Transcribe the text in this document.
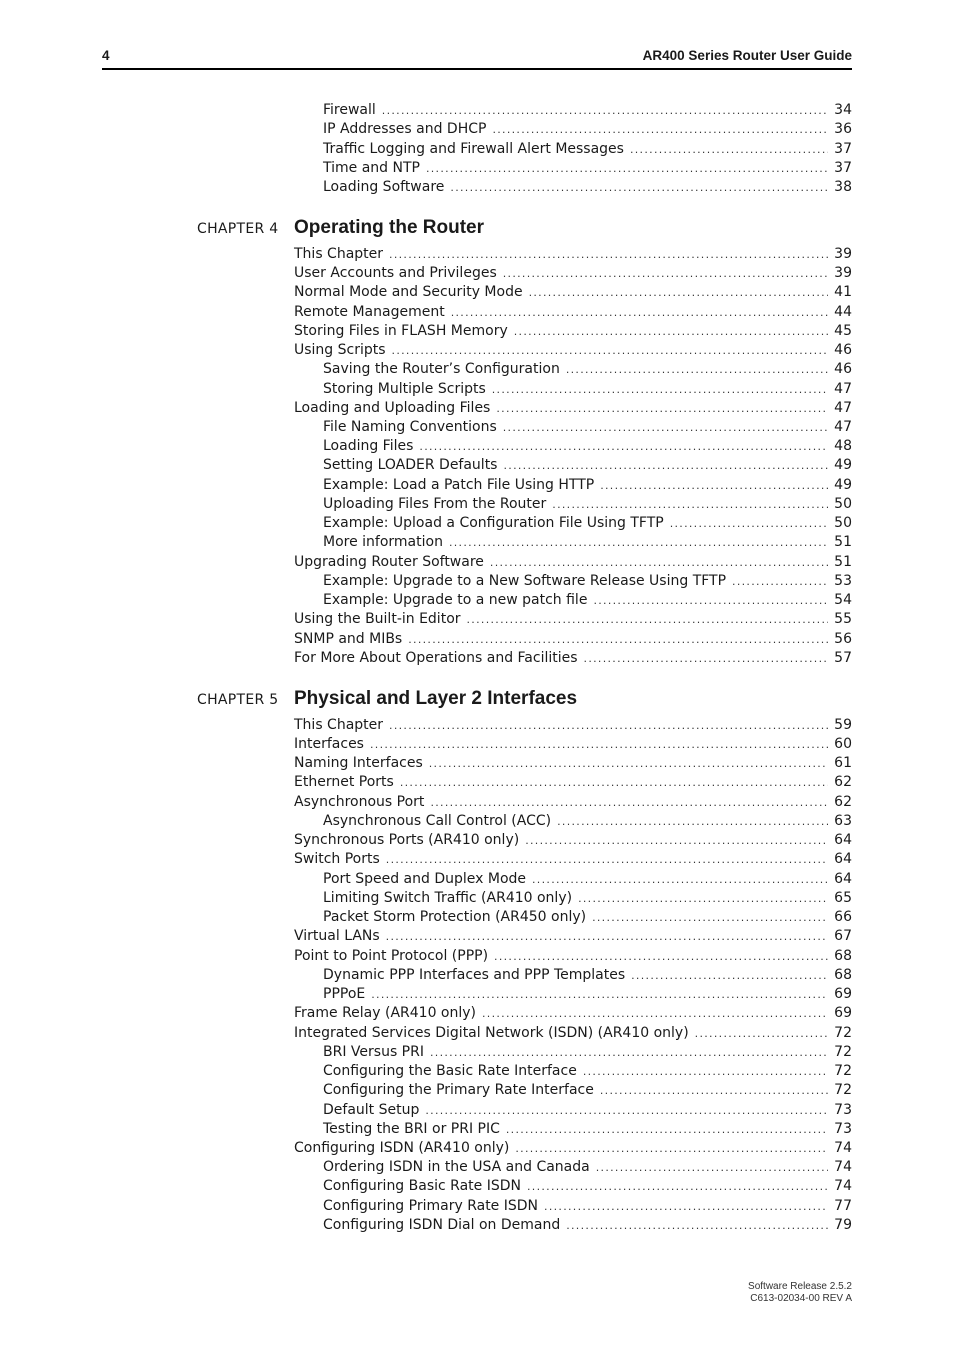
4	AR400 Series Router User Guide
Firewall .....	34
IP Addresses and DHCP .....	36
Traffic Logging and Firewall Alert Messages .....	37
Time and NTP .....	37
Loading Software .....	38
CHAPTER 4 Operating the Router
This Chapter .....	39
User Accounts and Privileges .....	39
Normal Mode and Security Mode .....	41
Remote Management .....	44
Storing Files in FLASH Memory .....	45
Using Scripts .....	46
Saving the Router’s Configuration .....	46
Storing Multiple Scripts .....	47
Loading and Uploading Files .....	47
File Naming Conventions .....	47
Loading Files .....	48
Setting LOADER Defaults .....	49
Example: Load a Patch File Using HTTP .....	49
Uploading Files From the Router .....	50
Example: Upload a Configuration File Using TFTP .....	50
More information .....	51
Upgrading Router Software .....	51
Example: Upgrade to a New Software Release Using TFTP .....	53
Example: Upgrade to a new patch file .....	54
Using the Built-in Editor .....	55
SNMP and MIBs .....	56
For More About Operations and Facilities .....	57
CHAPTER 5 Physical and Layer 2 Interfaces
This Chapter .....	59
Interfaces .....	60
Naming Interfaces .....	61
Ethernet Ports .....	62
Asynchronous Port .....	62
Asynchronous Call Control (ACC) .....	63
Synchronous Ports (AR410 only) .....	64
Switch Ports .....	64
Port Speed and Duplex Mode .....	64
Limiting Switch Traffic (AR410 only) .....	65
Packet Storm Protection (AR450 only) .....	66
Virtual LANs .....	67
Point to Point Protocol (PPP) .....	68
Dynamic PPP Interfaces and PPP Templates .....	68
PPPoE .....	69
Frame Relay (AR410 only) .....	69
Integrated Services Digital Network (ISDN) (AR410 only) .....	72
BRI Versus PRI .....	72
Configuring the Basic Rate Interface .....	72
Configuring the Primary Rate Interface .....	72
Default Setup .....	73
Testing the BRI or PRI PIC .....	73
Configuring ISDN (AR410 only) .....	74
Ordering ISDN in the USA and Canada .....	74
Configuring Basic Rate ISDN .....	74
Configuring Primary Rate ISDN .....	77
Configuring ISDN Dial on Demand .....	79
Software Release 2.5.2
C613-02034-00 REV A
